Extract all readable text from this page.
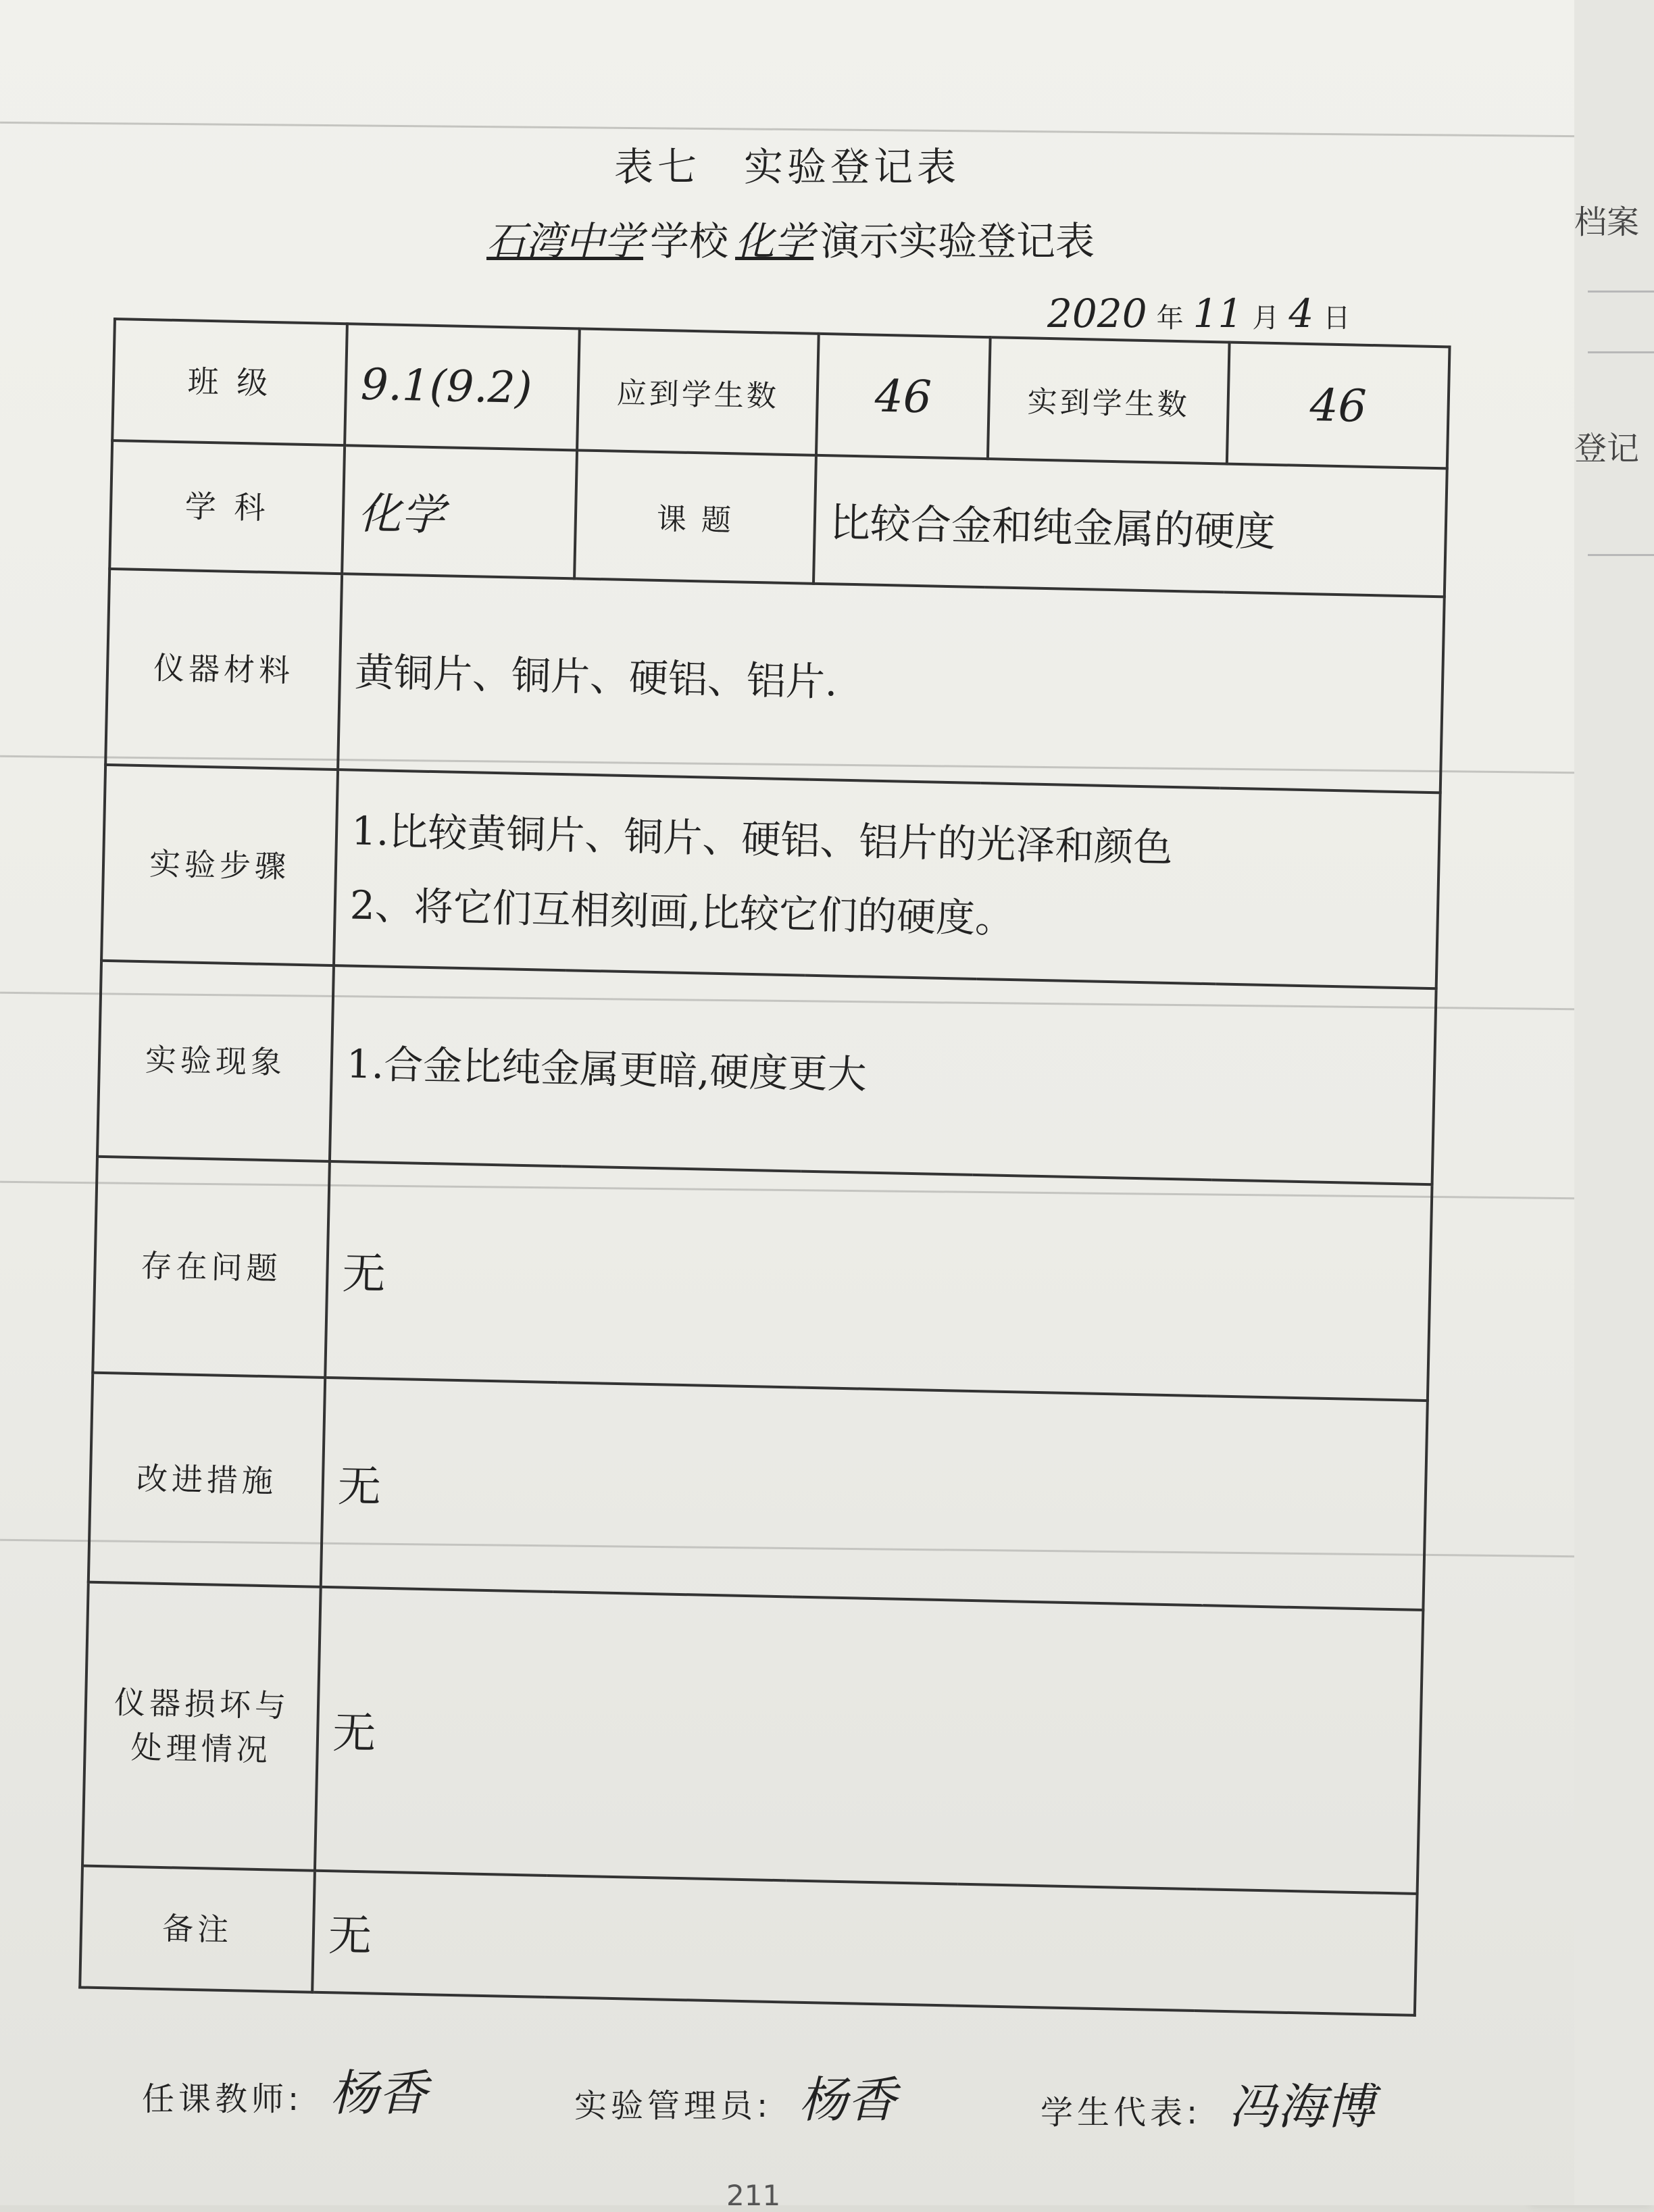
档案
登记
表七　实验登记表
石湾中学 学校 化学 演示实验登记表
2020 年 11 月 4 日
班 级	9.1(9.2)	应到学生数	46	实到学生数	46
学 科	化学	课 题	比较合金和纯金属的硬度		
仪器材料	黄铜片、铜片、硬铝、铝片.				
实验步骤	1.比较黄铜片、铜片、硬铝、铝片的光泽和颜色
2、将它们互相刻画,比较它们的硬度。				

实验现象	1.合金比纯金属更暗,硬度更大				
存在问题	无				
改进措施	无				
仪器损坏与处理情况	无				
备注	无				
任课教师: 杨香	实验管理员: 杨香	学生代表: 冯海博
211
